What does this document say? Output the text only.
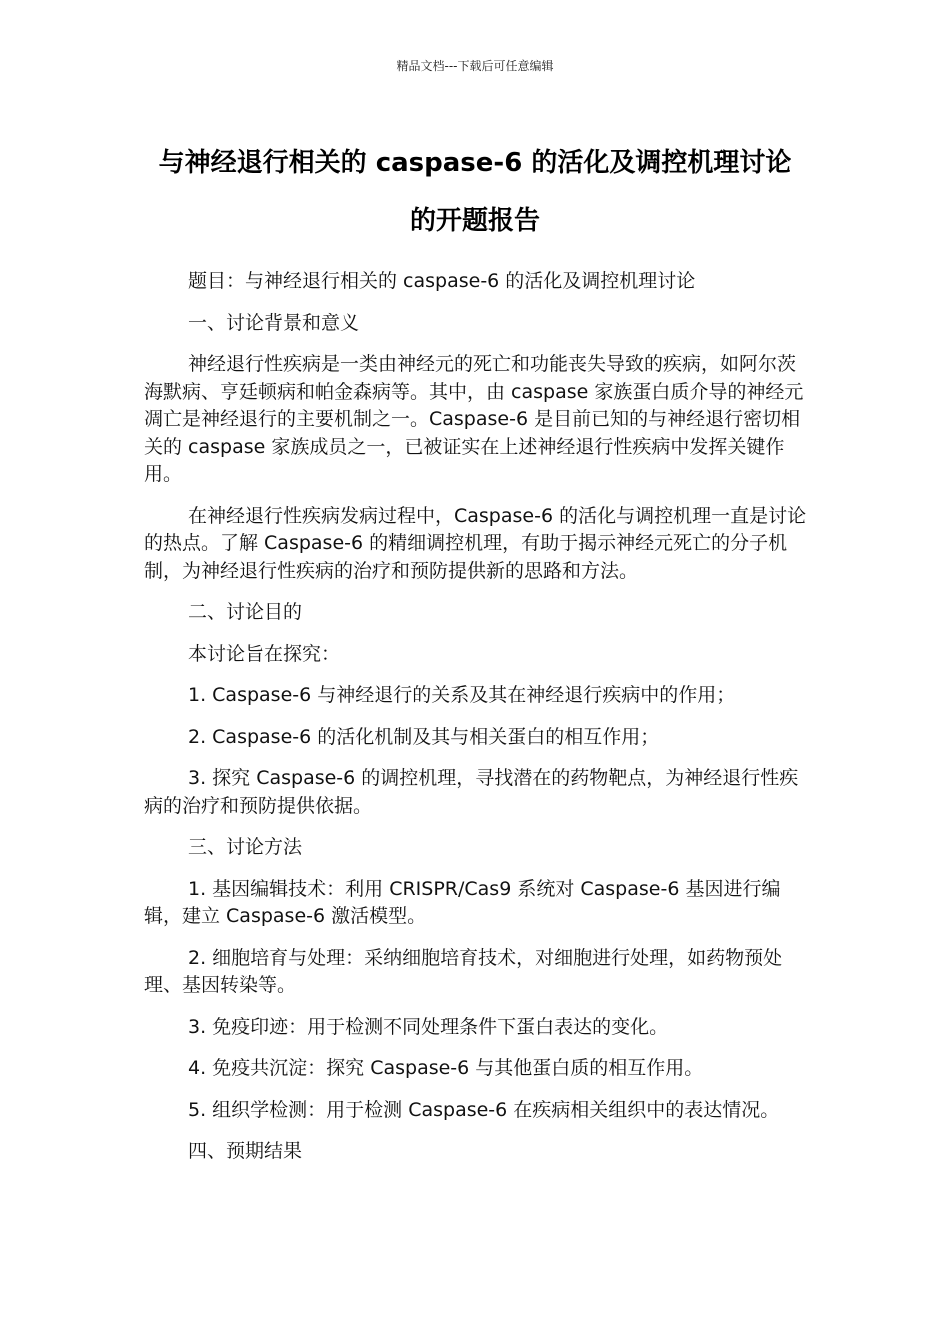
精品文档---下载后可任意编辑
与神经退行相关的 caspase-6 的活化及调控机理讨论
的开题报告

题目：与神经退行相关的 caspase-6 的活化及调控机理讨论

一、讨论背景和意义

神经退行性疾病是一类由神经元的死亡和功能丧失导致的疾病，如阿尔茨海默病、亨廷顿病和帕金森病等。其中，由 caspase 家族蛋白质介导的神经元凋亡是神经退行的主要机制之一。Caspase-6 是目前已知的与神经退行密切相关的 caspase 家族成员之一，已被证实在上述神经退行性疾病中发挥关键作用。

在神经退行性疾病发病过程中，Caspase-6 的活化与调控机理一直是讨论的热点。了解 Caspase-6 的精细调控机理，有助于揭示神经元死亡的分子机制，为神经退行性疾病的治疗和预防提供新的思路和方法。

二、讨论目的

本讨论旨在探究：

1. Caspase-6 与神经退行的关系及其在神经退行疾病中的作用；

2. Caspase-6 的活化机制及其与相关蛋白的相互作用；

3. 探究 Caspase-6 的调控机理，寻找潜在的药物靶点，为神经退行性疾病的治疗和预防提供依据。

三、讨论方法

1. 基因编辑技术：利用 CRISPR/Cas9 系统对 Caspase-6 基因进行编辑，建立 Caspase-6 激活模型。

2. 细胞培育与处理：采纳细胞培育技术，对细胞进行处理，如药物预处理、基因转染等。

3. 免疫印迹：用于检测不同处理条件下蛋白表达的变化。

4. 免疫共沉淀：探究 Caspase-6 与其他蛋白质的相互作用。

5. 组织学检测：用于检测 Caspase-6 在疾病相关组织中的表达情况。

四、预期结果
